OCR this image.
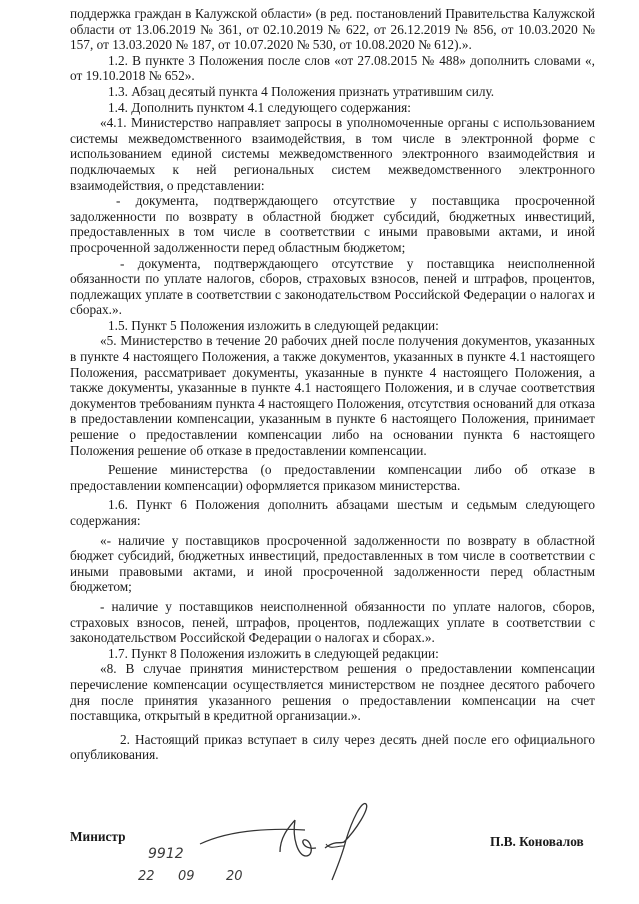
поддержка граждан в Калужской области» (в ред. постановлений Правительства Калужской области от 13.06.2019 № 361, от 02.10.2019 № 622, от 26.12.2019 № 856, от 10.03.2020 № 157, от 13.03.2020 № 187, от 10.07.2020 № 530, от 10.08.2020 № 612).».

1.2. В пункте 3 Положения после слов «от 27.08.2015 № 488» дополнить словами «, от 19.10.2018 № 652».

1.3. Абзац десятый пункта 4 Положения признать утратившим силу.

1.4. Дополнить пунктом 4.1 следующего содержания:

«4.1. Министерство направляет запросы в уполномоченные органы с использованием системы межведомственного взаимодействия, в том числе в электронной форме с использованием единой системы межведомственного электронного взаимодействия и подключаемых к ней региональных систем межведомственного электронного взаимодействия, о представлении:

- документа, подтверждающего отсутствие у поставщика просроченной задолженности по возврату в областной бюджет субсидий, бюджетных инвестиций, предоставленных в том числе в соответствии с иными правовыми актами, и иной просроченной задолженности перед областным бюджетом;

- документа, подтверждающего отсутствие у поставщика неисполненной обязанности по уплате налогов, сборов, страховых взносов, пеней и штрафов, процентов, подлежащих уплате в соответствии с законодательством Российской Федерации о налогах и сборах.».

1.5. Пункт 5 Положения изложить в следующей редакции:

«5. Министерство в течение 20 рабочих дней после получения документов, указанных в пункте 4 настоящего Положения, а также документов, указанных в пункте 4.1 настоящего Положения, рассматривает документы, указанные в пункте 4 настоящего Положения, а также документы, указанные в пункте 4.1 настоящего Положения, и в случае соответствия документов требованиям пункта 4 настоящего Положения, отсутствия оснований для отказа в предоставлении компенсации, указанным в пункте 6 настоящего Положения, принимает решение о предоставлении компенсации либо на основании пункта 6 настоящего Положения решение об отказе в предоставлении компенсации.

Решение министерства (о предоставлении компенсации либо об отказе в предоставлении компенсации) оформляется приказом министерства.

1.6. Пункт 6 Положения дополнить абзацами шестым и седьмым следующего содержания:

«- наличие у поставщиков просроченной задолженности по возврату в областной бюджет субсидий, бюджетных инвестиций, предоставленных в том числе в соответствии с иными правовыми актами, и иной просроченной задолженности перед областным бюджетом;

- наличие у поставщиков неисполненной обязанности по уплате налогов, сборов, страховых взносов, пеней, штрафов, процентов, подлежащих уплате в соответствии с законодательством Российской Федерации о налогах и сборах.».

1.7. Пункт 8 Положения изложить в следующей редакции:

«8. В случае принятия министерством решения о предоставлении компенсации перечисление компенсации осуществляется министерством не позднее десятого рабочего дня после принятия указанного решения о предоставлении компенсации на счет поставщика, открытый в кредитной организации.».

2. Настоящий приказ вступает в силу через десять дней после его официального опубликования.

Министр	П.В. Коновалов
9912
22 09 20
